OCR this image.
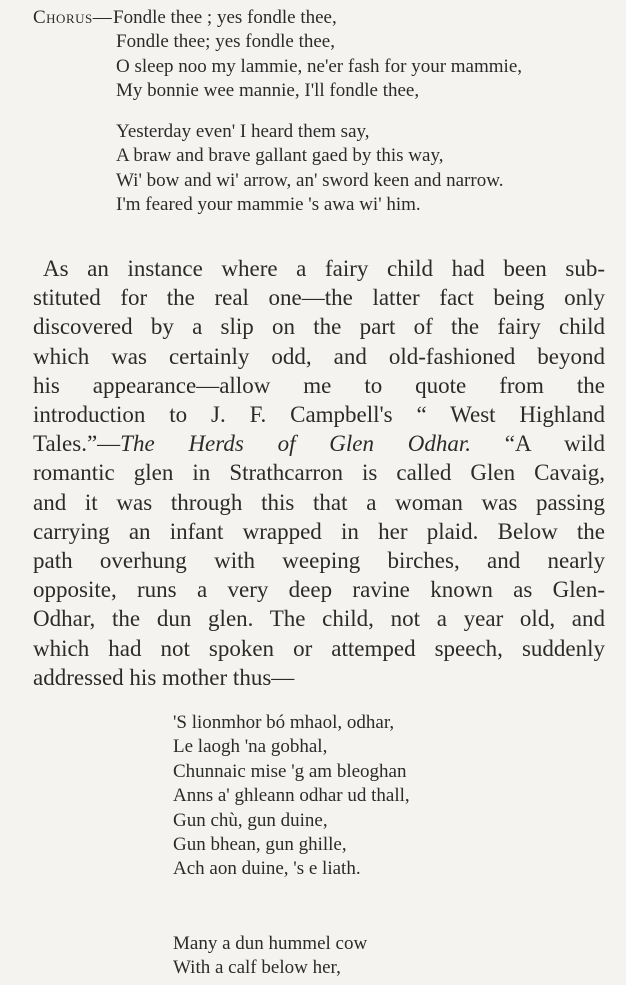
Chorus— Fondle thee ; yes fondle thee,
Fondle thee; yes fondle thee,
O sleep noo my lammie, ne'er fash for your mammie,
My bonnie wee mannie, I'll fondle thee,
Yesterday even' I heard them say,
A braw and brave gallant gaed by this way,
Wi' bow and wi' arrow, an' sword keen and narrow.
I'm feared your mammie 's awa wi' him.
As an instance where a fairy child had been sub-
stituted for the real one—the latter fact being only
discovered by a slip on the part of the fairy child
which was certainly odd, and old-fashioned beyond
his appearance—allow me to quote from the
introduction to J. F. Campbell's “ West Highland
Tales.”—The Herds of Glen Odhar. “A wild
romantic glen in Strathcarron is called Glen Cavaig,
and it was through this that a woman was passing
carrying an infant wrapped in her plaid. Below the
path overhung with weeping birches, and nearly
opposite, runs a very deep ravine known as Glen-
Odhar, the dun glen. The child, not a year old, and
which had not spoken or attemped speech, suddenly
addressed his mother thus—
'S lionmhor bó mhaol, odhar,
Le laogh 'na gobhal,
Chunnaic mise 'g am bleoghan
Anns a' ghleann odhar ud thall,
Gun chù, gun duine,
Gun bhean, gun ghille,
Ach aon duine, 's e liath.
Many a dun hummel cow
With a calf below her,
